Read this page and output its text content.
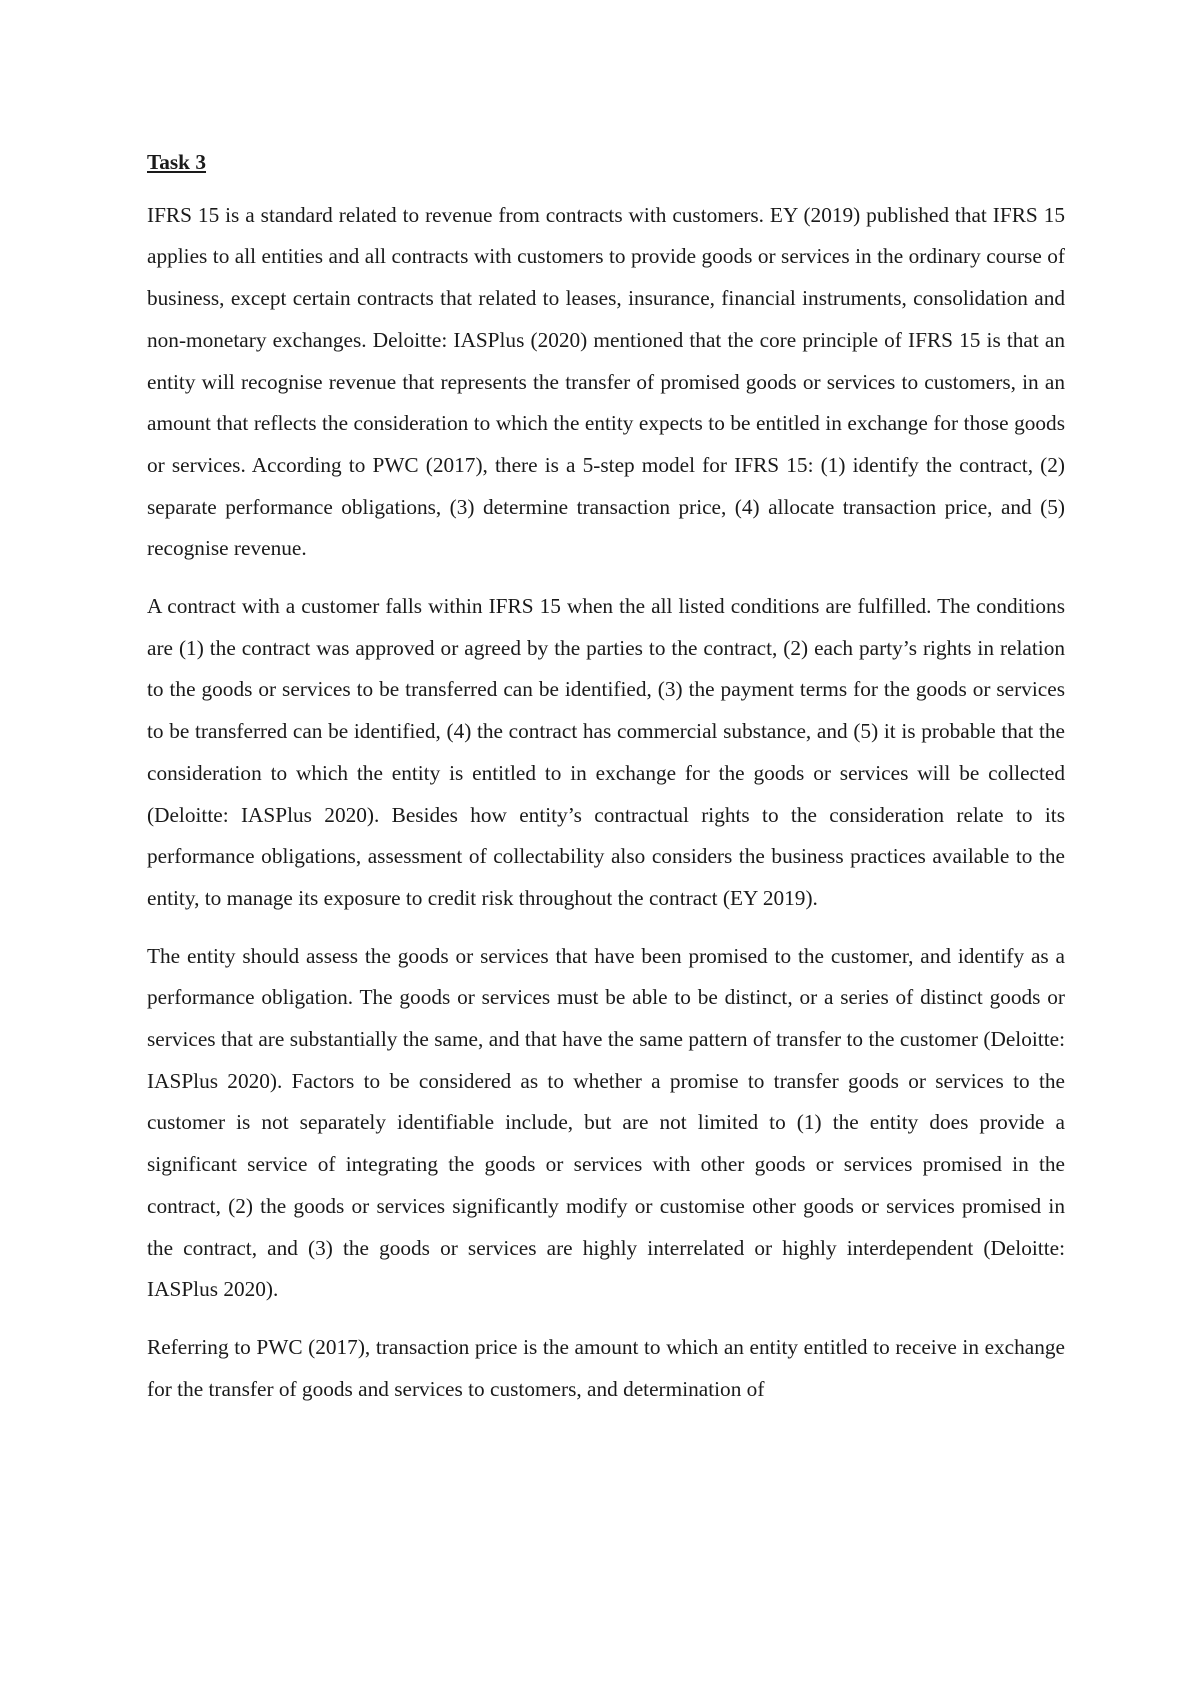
Task 3

IFRS 15 is a standard related to revenue from contracts with customers. EY (2019) published that IFRS 15 applies to all entities and all contracts with customers to provide goods or services in the ordinary course of business, except certain contracts that related to leases, insurance, financial instruments, consolidation and non-monetary exchanges. Deloitte: IASPlus (2020) mentioned that the core principle of IFRS 15 is that an entity will recognise revenue that represents the transfer of promised goods or services to customers, in an amount that reflects the consideration to which the entity expects to be entitled in exchange for those goods or services. According to PWC (2017), there is a 5-step model for IFRS 15: (1) identify the contract, (2) separate performance obligations, (3) determine transaction price, (4) allocate transaction price, and (5) recognise revenue.

A contract with a customer falls within IFRS 15 when the all listed conditions are fulfilled. The conditions are (1) the contract was approved or agreed by the parties to the contract, (2) each party’s rights in relation to the goods or services to be transferred can be identified, (3) the payment terms for the goods or services to be transferred can be identified, (4) the contract has commercial substance, and (5) it is probable that the consideration to which the entity is entitled to in exchange for the goods or services will be collected (Deloitte: IASPlus 2020). Besides how entity’s contractual rights to the consideration relate to its performance obligations, assessment of collectability also considers the business practices available to the entity, to manage its exposure to credit risk throughout the contract (EY 2019).

The entity should assess the goods or services that have been promised to the customer, and identify as a performance obligation. The goods or services must be able to be distinct, or a series of distinct goods or services that are substantially the same, and that have the same pattern of transfer to the customer (Deloitte: IASPlus 2020). Factors to be considered as to whether a promise to transfer goods or services to the customer is not separately identifiable include, but are not limited to (1) the entity does provide a significant service of integrating the goods or services with other goods or services promised in the contract, (2) the goods or services significantly modify or customise other goods or services promised in the contract, and (3) the goods or services are highly interrelated or highly interdependent (Deloitte: IASPlus 2020).

Referring to PWC (2017), transaction price is the amount to which an entity entitled to receive in exchange for the transfer of goods and services to customers, and determination of
